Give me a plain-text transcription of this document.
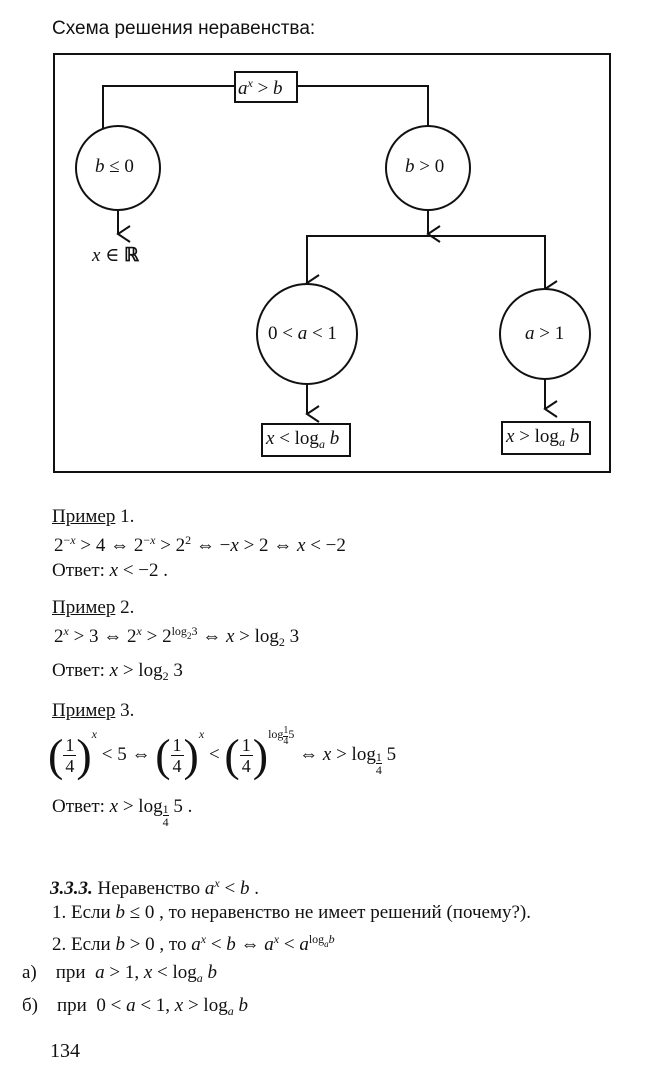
Схема решения неравенства:
$a^x > b$
b ≤ 0	b > 0
x ∈ ℝ
0 < a < 1	a > 1
$x < \log_a b$	$x > \log_a b$
Пример 1.
$2^{-x} > 4$ ⇔ $2^{-x} > 2^2$ ⇔ −x > 2 ⇔ x < −2
Ответ: x < −2 .
Пример 2.
$2^x > 3$ ⇔ $2^x > 2^{log_23}$ ⇔ $x > \log_2 3$
Ответ: $x > \log_2 3$
Пример 3.
( $\frac{1}{4} )^x < 5$ ⇔ ( $\frac{1}{4} )^x$ < ( $\frac{1}{4} )^{log \frac{1}{4}5}$ ⇔ $x > \log \frac{1}{4} 5$
Ответ: $x > \log \frac{1}{4} 5$ .
3.3.3. Неравенство $a^x < b$ .
1. Если b ≤ 0 , то неравенство не имеет решений (почему?).
2. Если b > 0 , то $a^x < b$ ⇔ $a^x < a^{log_ab}$
а) при a > 1, $x < \log_a b$
б) при  0 < a < 1, $x > \log_a b$
134
